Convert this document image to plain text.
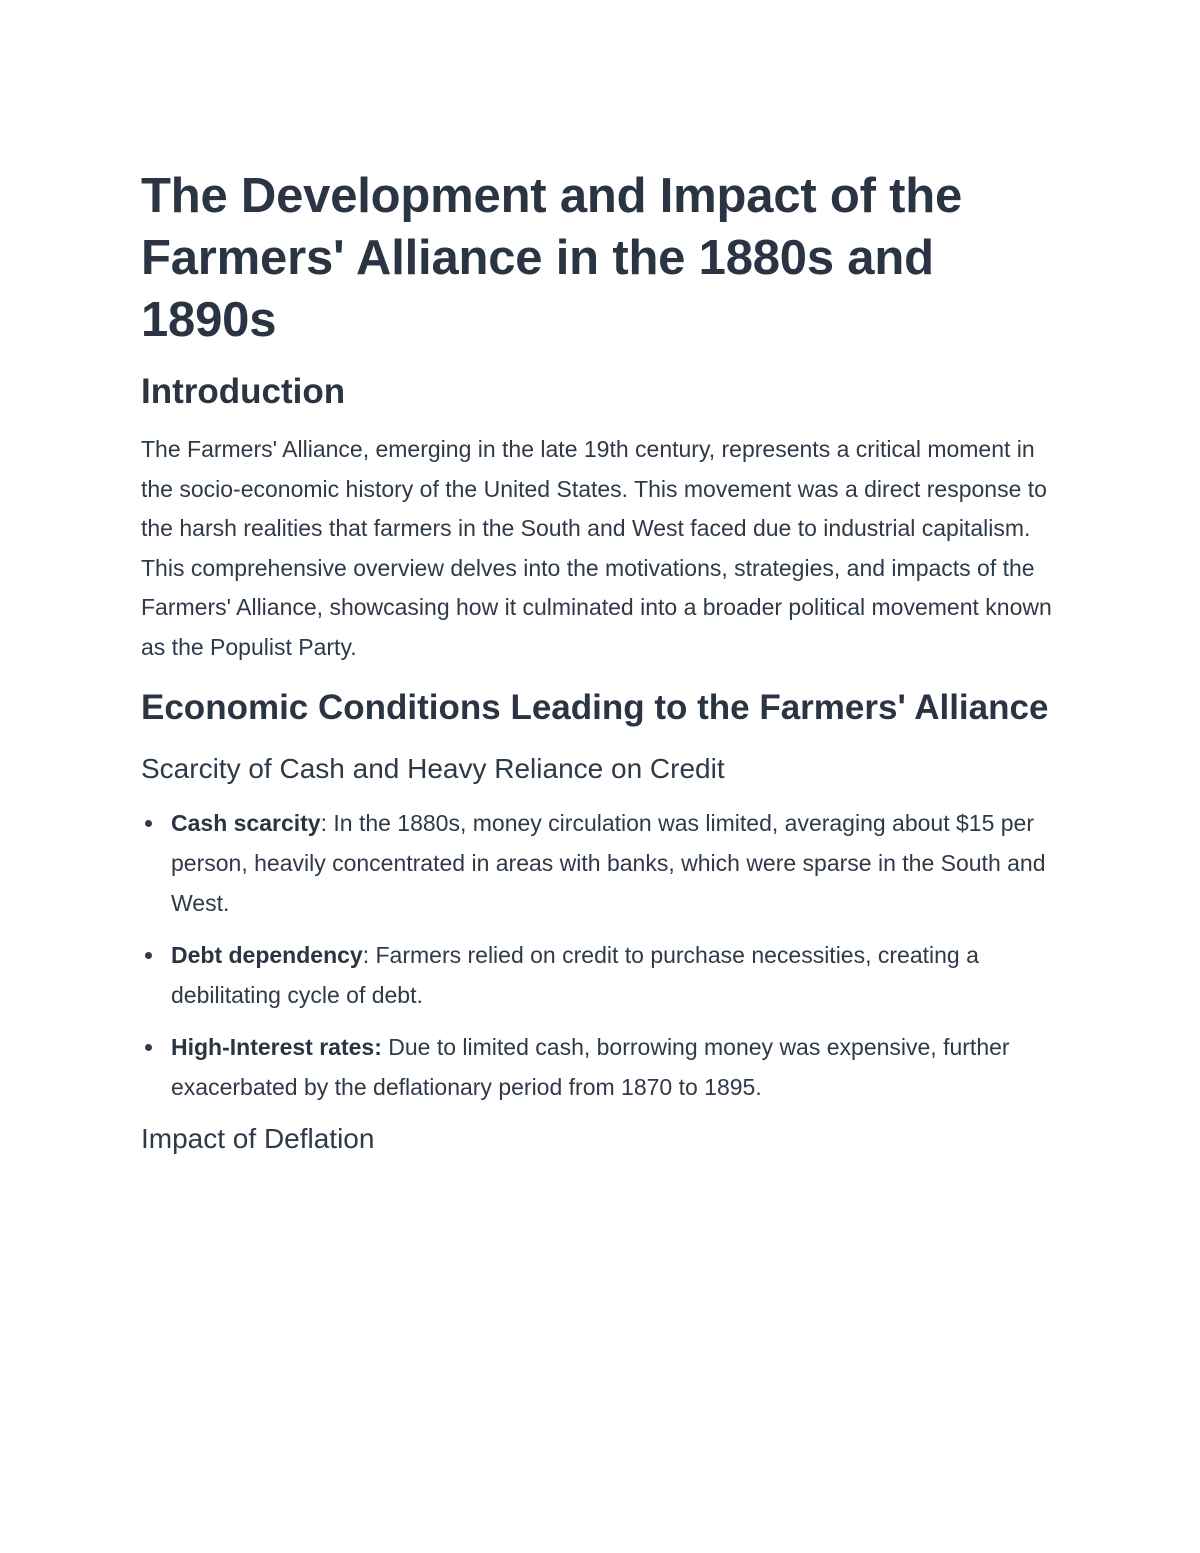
The Development and Impact of the Farmers' Alliance in the 1880s and 1890s
Introduction

The Farmers' Alliance, emerging in the late 19th century, represents a critical moment in the socio-economic history of the United States. This movement was a direct response to the harsh realities that farmers in the South and West faced due to industrial capitalism. This comprehensive overview delves into the motivations, strategies, and impacts of the Farmers' Alliance, showcasing how it culminated into a broader political movement known as the Populist Party.

Economic Conditions Leading to the Farmers' Alliance
Scarcity of Cash and Heavy Reliance on Credit
Cash scarcity: In the 1880s, money circulation was limited, averaging about $15 per person, heavily concentrated in areas with banks, which were sparse in the South and West.
Debt dependency: Farmers relied on credit to purchase necessities, creating a debilitating cycle of debt.
High-Interest rates: Due to limited cash, borrowing money was expensive, further exacerbated by the deflationary period from 1870 to 1895.
Impact of Deflation
